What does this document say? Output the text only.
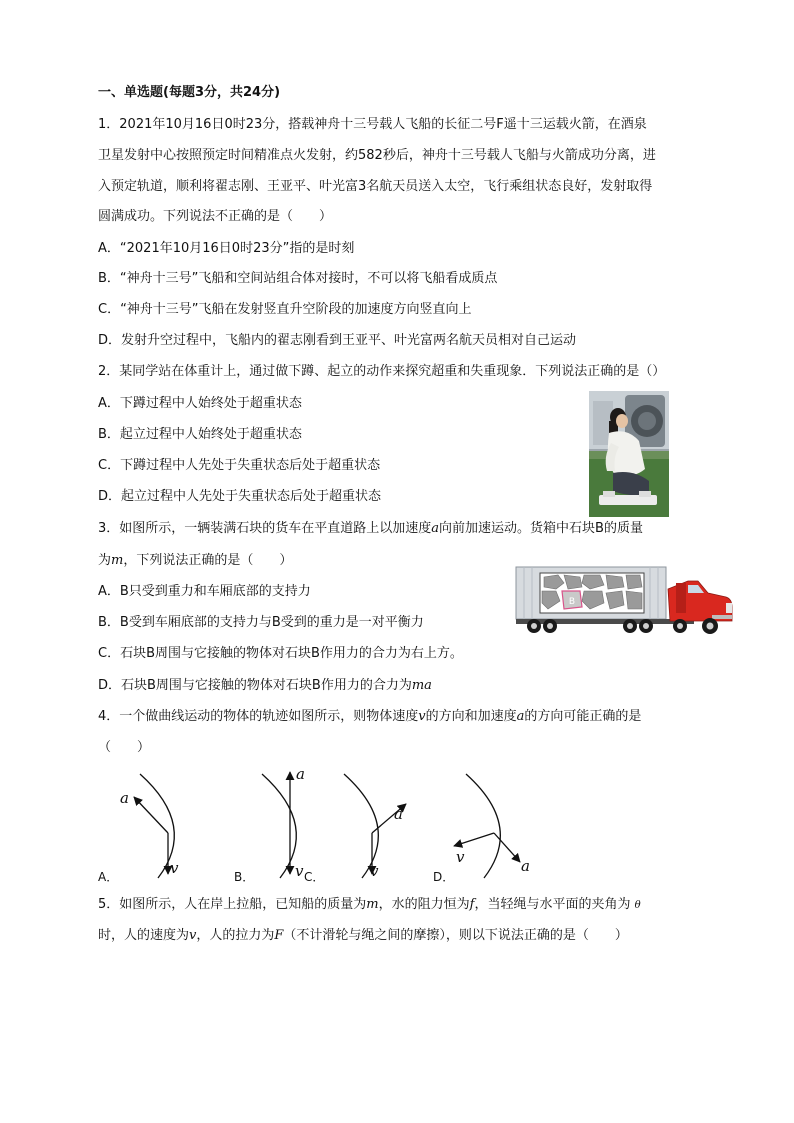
一、单选题(每题3分，共24分)
1．2021年10月16日0时23分，搭载神舟十三号载人飞船的长征二号F遥十三运载火箭，在酒泉
卫星发射中心按照预定时间精准点火发射，约582秒后，神舟十三号载人飞船与火箭成功分离，进
入预定轨道，顺利将翟志刚、王亚平、叶光富3名航天员送入太空，飞行乘组状态良好，发射取得
圆满成功。下列说法不正确的是（　　）
A．“2021年10月16日0时23分”指的是时刻
B．“神舟十三号”飞船和空间站组合体对接时，不可以将飞船看成质点
C．“神舟十三号”飞船在发射竖直升空阶段的加速度方向竖直向上
D．发射升空过程中，飞船内的翟志刚看到王亚平、叶光富两名航天员相对自己运动
2．某同学站在体重计上，通过做下蹲、起立的动作来探究超重和失重现象．下列说法正确的是（）
A．下蹲过程中人始终处于超重状态
B．起立过程中人始终处于超重状态
C．下蹲过程中人先处于失重状态后处于超重状态
D．起立过程中人先处于失重状态后处于超重状态
3．如图所示，一辆装满石块的货车在平直道路上以加速度a向前加速运动。货箱中石块B的质量
为m，下列说法正确的是（　　）
A．B只受到重力和车厢底部的支持力
B．B受到车厢底部的支持力与B受到的重力是一对平衡力
C．石块B周围与它接触的物体对石块B作用力的合力为右上方。
D．石块B周围与它接触的物体对石块B作用力的合力为ma
B
4．一个做曲线运动的物体的轨迹如图所示，则物体速度v的方向和加速度a的方向可能正确的是
（　　）
a
v
a
v
a
v
v	a
A．	B．	C．	D．
5．如图所示，人在岸上拉船，已知船的质量为m，水的阻力恒为f，当轻绳与水平面的夹角为 θ
时，人的速度为v，人的拉力为F（不计滑轮与绳之间的摩擦），则以下说法正确的是（　　）
